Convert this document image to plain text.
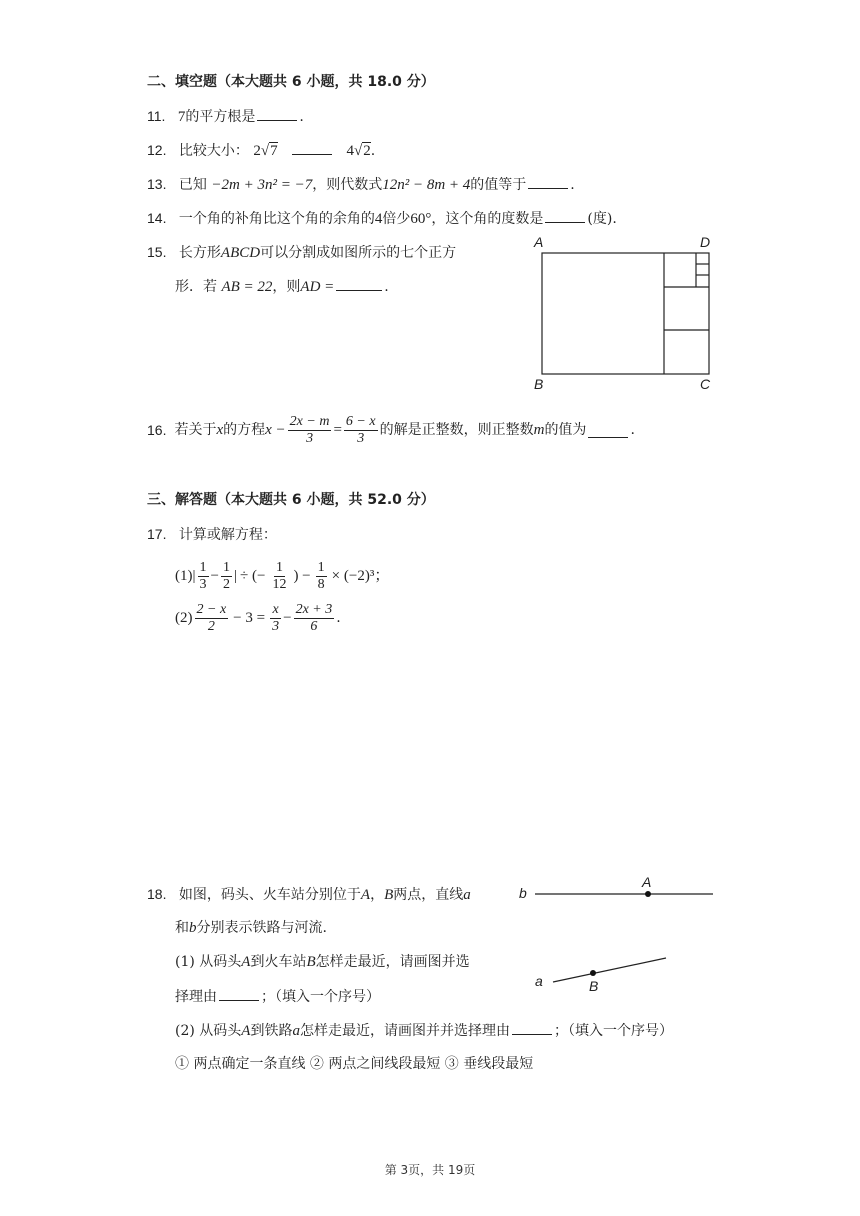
二、填空题（本大题共 6 小题，共 18.0 分）
11. 7的平方根是	.
12. 比较大小： 2√7	4√2.
13. 已知 −2m + 3n² = −7，则代数式12n² − 8m + 4的值等于	.
14. 一个角的补角比这个角的余角的4倍少60°，这个角的度数是	(度).
15. 长方形ABCD可以分割成如图所示的七个正方
形．若 AB = 22，则AD =	.
A	D
B	C
16. 若关于 x 的方程 $x - \frac{2x - m}{3} = \frac{6 - x}{3}$ 的解是正整数，则正整数 m 的值为	.
三、解答题（本大题共 6 小题，共 52.0 分）
17. 计算或解方程：
(1) | $\frac{1}{3} - \frac{1}{2}$ | ÷ (− $\frac{1}{12}$ ) − $\frac{1}{8} \times (-2)^3$；
$(2) \frac{2 - x}{2} - 3 = \frac{x}{3} - \frac{2x + 3}{6}$ .
18. 如图，码头、火车站分别位于A，B两点，直线a
和b分别表示铁路与河流.
(1) 从码头A到火车站B怎样走最近，请画图并选
择理由	；（填入一个序号）
(2) 从码头A到铁路a怎样走最近，请画图并并选择理由	；（填入一个序号）
① 两点确定一条直线 ② 两点之间线段最短 ③ 垂线段最短
b
A
a	B
第 3页，共 19页
